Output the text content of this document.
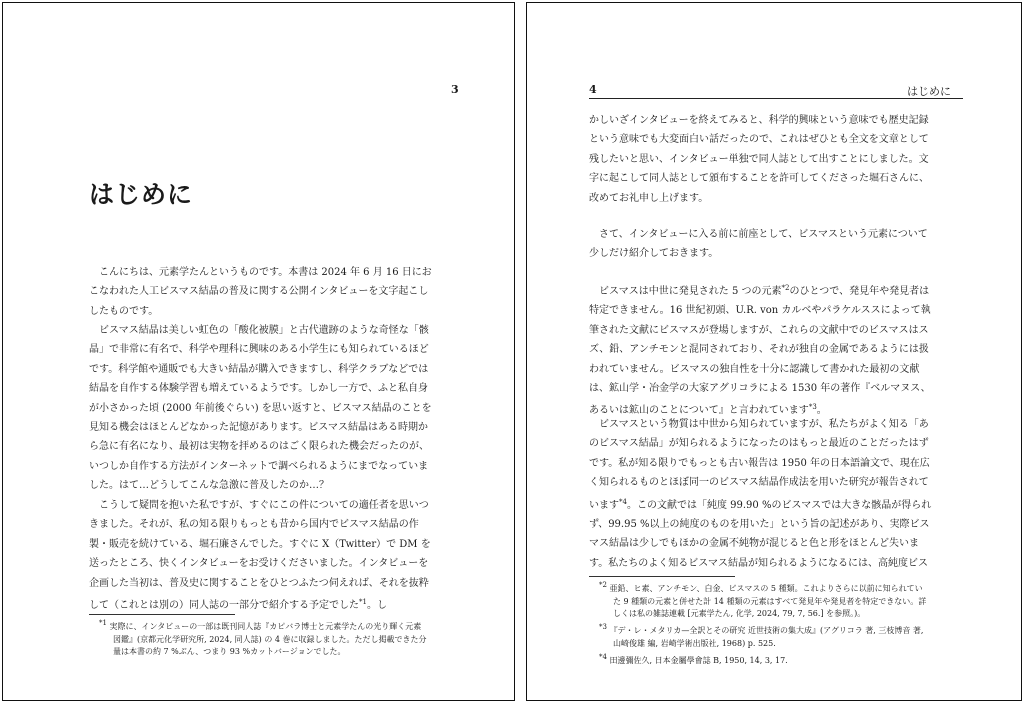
3
はじめに
　こんにちは、元素学たんというものです。本書は 2024 年 6 月 16 日にお
こなわれた人工ビスマス結晶の普及に関する公開インタビューを文字起こし
したものです。
　ビスマス結晶は美しい虹色の「酸化被膜」と古代遺跡のような奇怪な「骸
晶」で非常に有名で、科学や理科に興味のある小学生にも知られているほど
です。科学館や通販でも大きい結晶が購入できますし、科学クラブなどでは
結晶を自作する体験学習も増えているようです。しかし一方で、ふと私自身
が小さかった頃 (2000 年前後ぐらい) を思い返すと、ビスマス結晶のことを
見知る機会はほとんどなかった記憶があります。ビスマス結晶はある時期か
ら急に有名になり、最初は実物を拝めるのはごく限られた機会だったのが、
いつしか自作する方法がインターネットで調べられるようにまでなっていま
した。はて…どうしてこんな急激に普及したのか…？
　こうして疑問を抱いた私ですが、すぐにこの件についての適任者を思いつ
きました。それが、私の知る限りもっとも昔から国内でビスマス結晶の作
製・販売を続けている、堀石廉さんでした。すぐに X（Twitter）で DM を
送ったところ、快くインタビューをお受けくださいました。インタビューを
企画した当初は、普及史に関することをひとつふたつ伺えれば、それを抜粋
して（これとは別の）同人誌の一部分で紹介する予定でした$^{*1}$。し
$^{*1}$ 実際に、インタビューの一部は既刊同人誌『カピバラ博士と元素学たんの光り輝く元素
図鑑』(京都元化学研究所, 2024, 同人誌) の 4 巻に収録しました。ただし掲載できた分
量は本書の約 7 %ぶん、つまり 93 %カットバージョンでした。
4	はじめに
かしいざインタビューを終えてみると、科学的興味という意味でも歴史記録
という意味でも大変面白い話だったので、これはぜひとも全文を文章として
残したいと思い、インタビュー単独で同人誌として出すことにしました。文
字に起こして同人誌として頒布することを許可してくださった堀石さんに、
改めてお礼申し上げます。
　さて、インタビューに入る前に前座として、ビスマスという元素について
少しだけ紹介しておきます。
　ビスマスは中世に発見された 5 つの元素$^{*2}$のひとつで、発見年や発見者は
特定できません。16 世紀初頭、U.R. von カルベやパラケルススによって執
筆された文献にビスマスが登場しますが、これらの文献中でのビスマスはス
ズ、鉛、アンチモンと混同されており、それが独自の金属であるようには扱
われていません。ビスマスの独自性を十分に認識して書かれた最初の文献
は、鉱山学・冶金学の大家アグリコラによる 1530 年の著作『ベルマヌス、
あるいは鉱山のことについて』と言われています$^{*3}$。
　ビスマスという物質は中世から知られていますが、私たちがよく知る「あ
のビスマス結晶」が知られるようになったのはもっと最近のことだったはず
です。私が知る限りでもっとも古い報告は 1950 年の日本語論文で、現在広
く知られるものとほぼ同一のビスマス結晶作成法を用いた研究が報告されて
います$^{*4}$。この文献では「純度 99.90 %のビスマスでは大きな骸晶が得られ
ず、99.95 %以上の純度のものを用いた」という旨の記述があり、実際ビス
マス結晶は少しでもほかの金属不純物が混じると色と形をほとんど失いま
す。私たちのよく知るビスマス結晶が知られるようになるには、高純度ビス
$^{*2}$ 亜鉛、ヒ素、アンチモン、白金、ビスマスの 5 種類。これよりさらに以前に知られてい
た 9 種類の元素と併せた計 14 種類の元素はすべて発見年や発見者を特定できない。詳
しくは私の雑誌連載 [元素学たん, 化学, 2024, 79, 7, 56.] を参照。)。
$^{*3}$ 『デ・レ・メタリカ—全訳とその研究 近世技術の集大成』(アグリコラ 著, 三枝博音 著,
山崎俊雄 編, 岩崎学術出版社, 1968) p. 525.
$^{*4}$ 田邊彌佐久, 日本金屬學會誌 B, 1950, 14, 3, 17.
